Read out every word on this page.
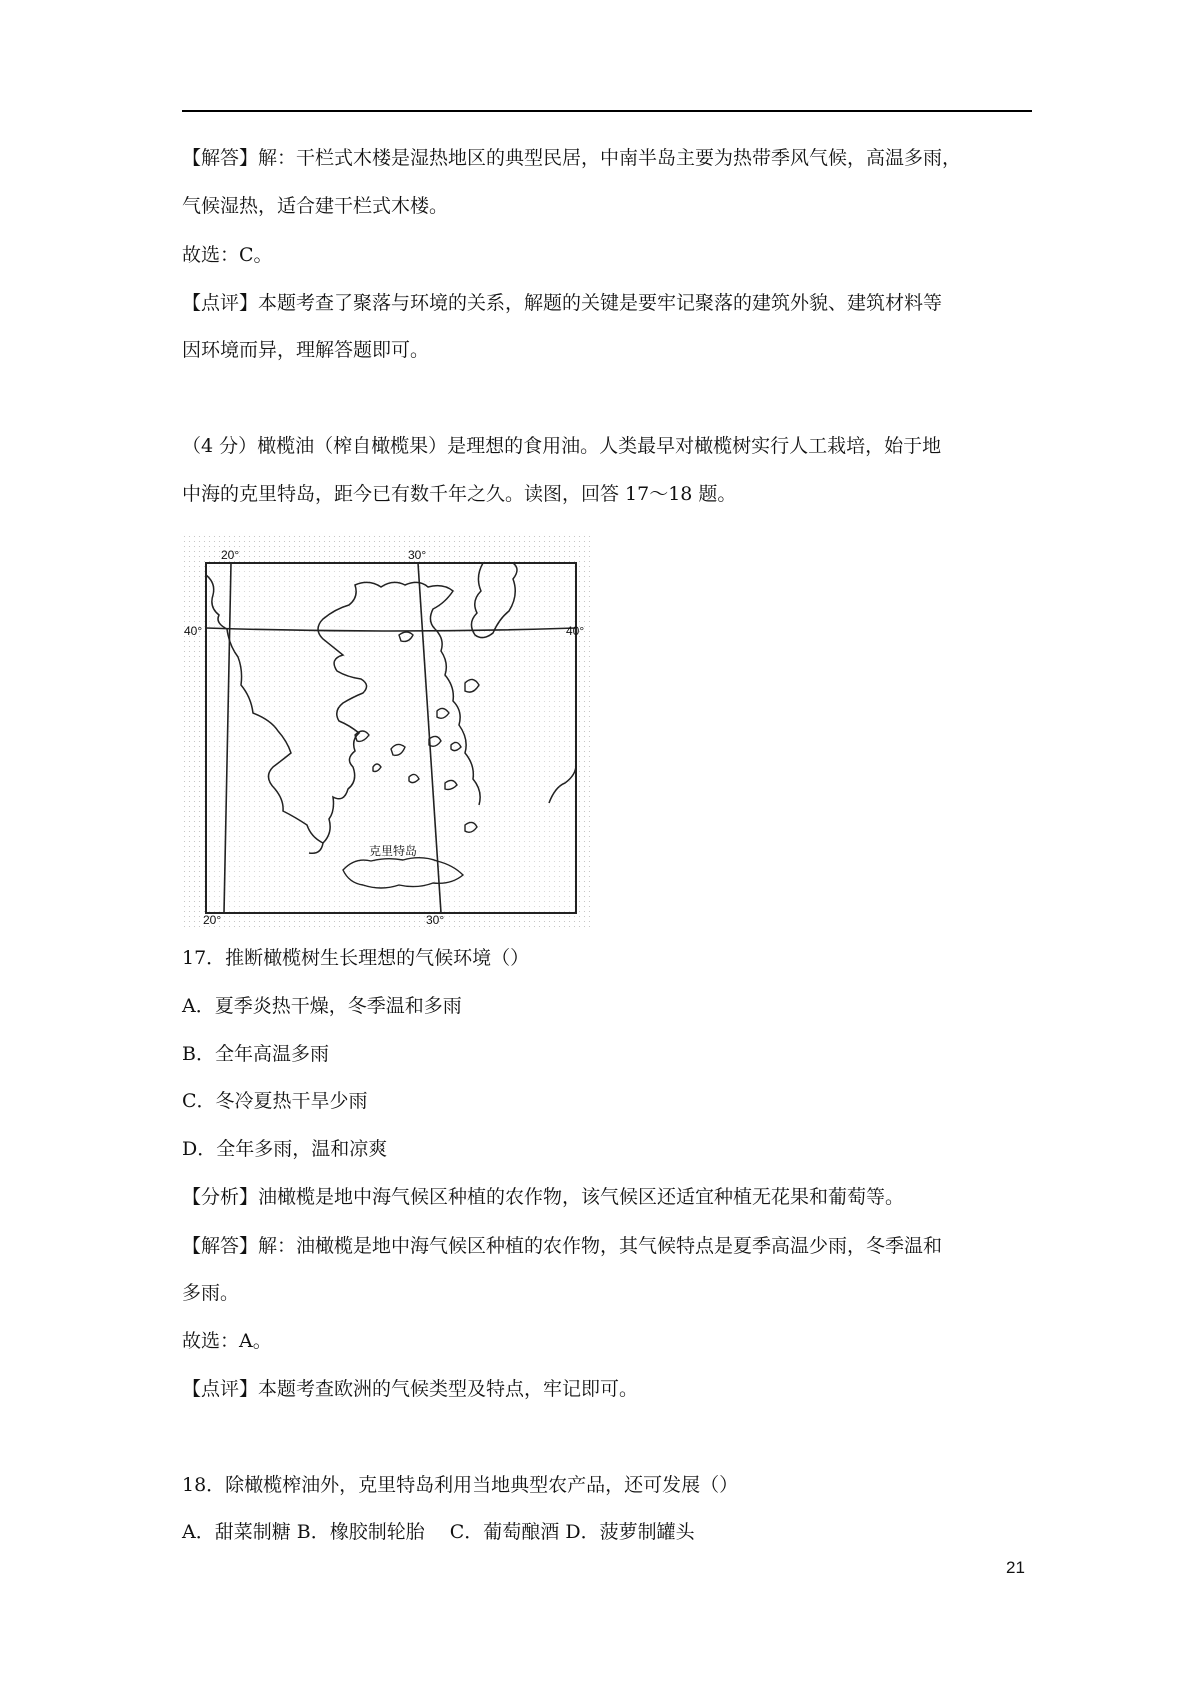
【解答】解：干栏式木楼是湿热地区的典型民居，中南半岛主要为热带季风气候，高温多雨，
气候湿热，适合建干栏式木楼。
故选：C。
【点评】本题考查了聚落与环境的关系，解题的关键是要牢记聚落的建筑外貌、建筑材料等
因环境而异，理解答题即可。
（4 分）橄榄油（榨自橄榄果）是理想的食用油。人类最早对橄榄树实行人工栽培，始于地
中海的克里特岛，距今已有数千年之久。读图，回答 17～18 题。
17．推断橄榄树生长理想的气候环境（）
A．夏季炎热干燥，冬季温和多雨
B．全年高温多雨
C．冬冷夏热干旱少雨
D．全年多雨，温和凉爽
【分析】油橄榄是地中海气候区种植的农作物，该气候区还适宜种植无花果和葡萄等。
【解答】解：油橄榄是地中海气候区种植的农作物，其气候特点是夏季高温少雨，冬季温和
多雨。
故选：A。
【点评】本题考查欧洲的气候类型及特点，牢记即可。
18．除橄榄榨油外，克里特岛利用当地典型农产品，还可发展（）
A．甜菜制糖 B．橡胶制轮胎　 C．葡萄酿酒 D．菠萝制罐头
20°	30°
40°	40°
20°	30°
克里特岛
21
